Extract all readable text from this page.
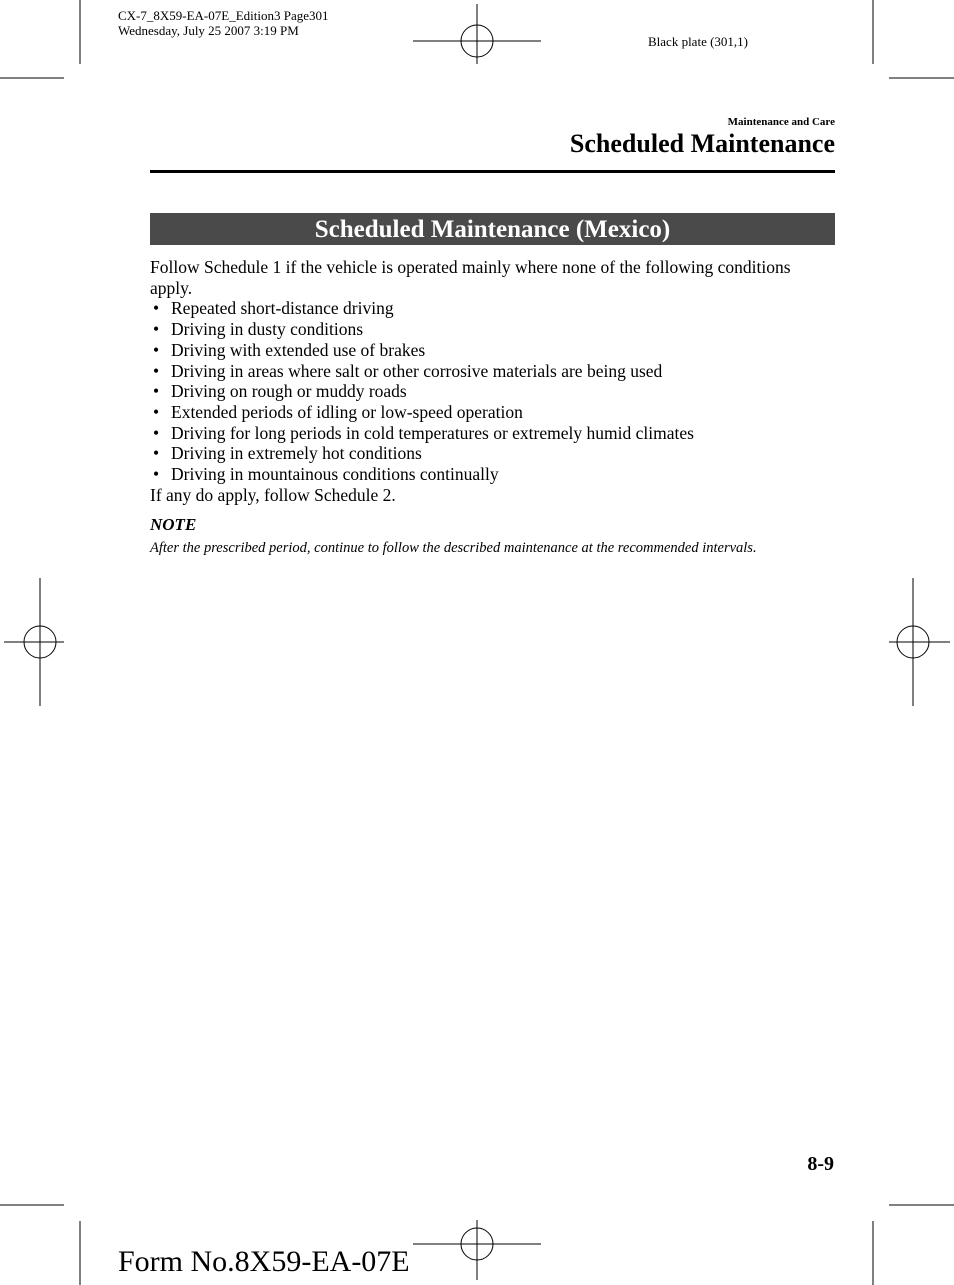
CX-7_8X59-EA-07E_Edition3 Page301
Wednesday, July 25 2007 3:19 PM
Black plate (301,1)
Maintenance and Care
Scheduled Maintenance
Scheduled Maintenance (Mexico)

Follow Schedule 1 if the vehicle is operated mainly where none of the following conditions apply.

• Repeated short-distance driving
• Driving in dusty conditions
• Driving with extended use of brakes
• Driving in areas where salt or other corrosive materials are being used
• Driving on rough or muddy roads
• Extended periods of idling or low-speed operation
• Driving for long periods in cold temperatures or extremely humid climates
• Driving in extremely hot conditions
• Driving in mountainous conditions continually

If any do apply, follow Schedule 2.

NOTE

After the prescribed period, continue to follow the described maintenance at the recommended intervals.

8-9
Form No.8X59-EA-07E
